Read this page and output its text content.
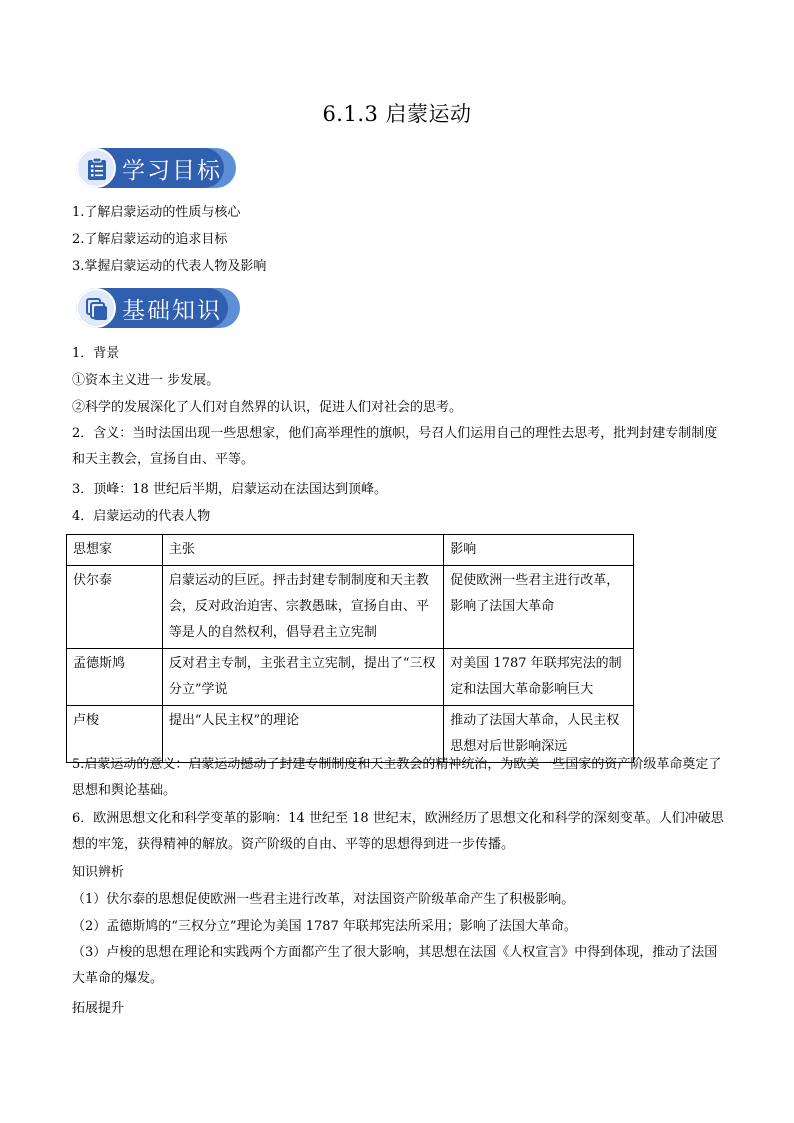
6.1.3 启蒙运动
学习目标
1.了解启蒙运动的性质与核心
2.了解启蒙运动的追求目标
3.掌握启蒙运动的代表人物及影响
基础知识
1．背景
①资本主义进一 步发展。
②科学的发展深化了人们对自然界的认识，促进人们对社会的思考。
2．含义：当时法国出现一些思想家，他们高举理性的旗帜，号召人们运用自己的理性去思考，批判封建专制制度和天主教会，宣扬自由、平等。
3．顶峰：18 世纪后半期，启蒙运动在法国达到顶峰。
4．启蒙运动的代表人物
思想家	主张	影响
伏尔泰	启蒙运动的巨匠。抨击封建专制制度和天主教会，反对政治迫害、宗教愚昧，宣扬自由、平等是人的自然权利，倡导君主立宪制	促使欧洲一些君主进行改革，影响了法国大革命
孟德斯鸠	反对君主专制，主张君主立宪制，提出了“三权分立”学说	对美国 1787 年联邦宪法的制定和法国大革命影响巨大
卢梭	提出“人民主权”的理论	推动了法国大革命，人民主权思想对后世影响深远
5.启蒙运动的意义：启蒙运动撼动了封建专制制度和天主教会的精神统治，为欧美一些国家的资产阶级革命奠定了思想和舆论基础。
6．欧洲思想文化和科学变革的影响：14 世纪至 18 世纪末，欧洲经历了思想文化和科学的深刻变革。人们冲破思想的牢笼，获得精神的解放。资产阶级的自由、平等的思想得到进一步传播。
知识辨析
（1）伏尔泰的思想促使欧洲一些君主进行改革，对法国资产阶级革命产生了积极影响。
（2）孟德斯鸠的“三权分立”理论为美国 1787 年联邦宪法所采用；影响了法国大革命。
（3）卢梭的思想在理论和实践两个方面都产生了很大影响，其思想在法国《人权宣言》中得到体现，推动了法国大革命的爆发。
拓展提升
